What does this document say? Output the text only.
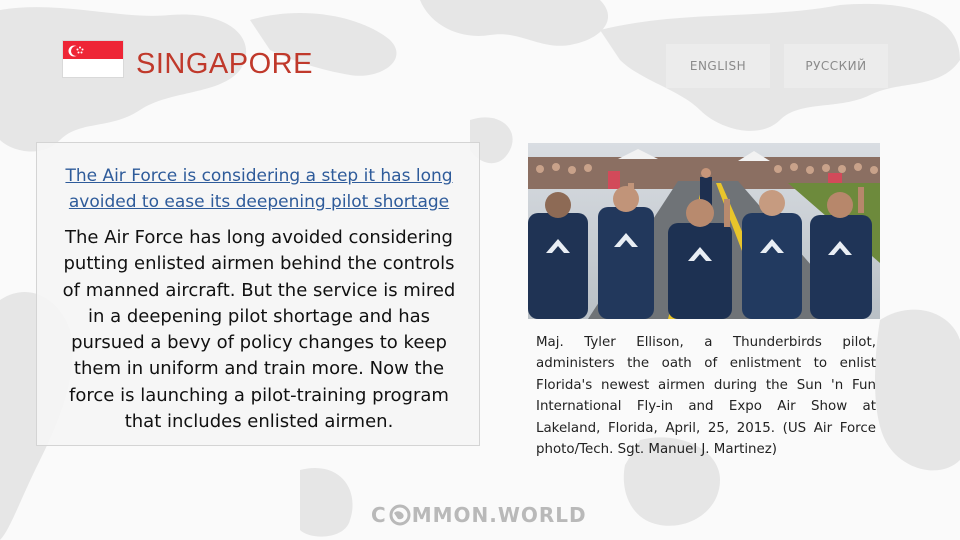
SINGAPORE	ENGLISH	РУССКИЙ
The Air Force is considering a step it has long avoided to ease its deepening pilot shortage
The Air Force has long avoided considering putting enlisted airmen behind the controls of manned aircraft. But the service is mired in a deepening pilot shortage and has pursued a bevy of policy changes to keep them in uniform and train more. Now the force is launching a pilot-training program that includes enlisted airmen.
Maj. Tyler Ellison, a Thunderbirds pilot, administers the oath of enlistment to enlist Florida's newest airmen during the Sun 'n Fun International Fly-in and Expo Air Show at Lakeland, Florida, April, 25, 2015. (US Air Force photo/Tech. Sgt. Manuel J. Martinez)
C MMON . WORLD
